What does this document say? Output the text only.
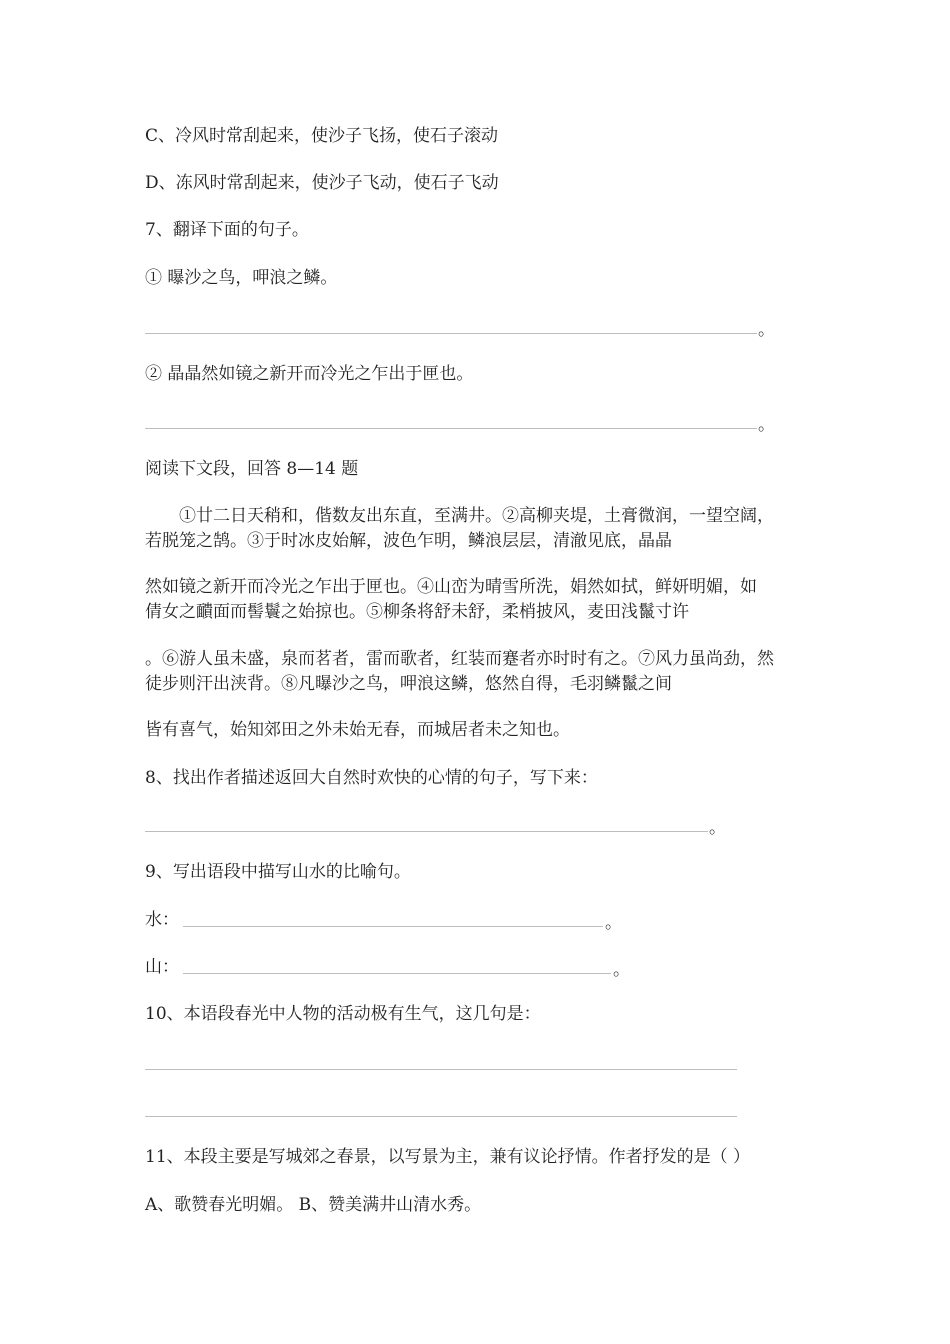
C、冷风时常刮起来，使沙子飞扬，使石子滚动
D、冻风时常刮起来，使沙子飞动，使石子飞动
7、翻译下面的句子。
① 曝沙之鸟，呷浪之鳞。
。
② 晶晶然如镜之新开而冷光之乍出于匣也。
。
阅读下文段，回答 8—14 题
①廿二日天稍和，偕数友出东直，至满井。②高柳夹堤，土膏微润，一望空阔，
若脱笼之鹄。③于时冰皮始解，波色乍明，鳞浪层层，清澈见底，晶晶
然如镜之新开而冷光之乍出于匣也。④山峦为晴雪所洗，娟然如拭，鲜妍明媚，如
倩女之靧面而髻鬟之始掠也。⑤柳条将舒未舒，柔梢披风，麦田浅鬣寸许
。⑥游人虽未盛，泉而茗者，雷而歌者，红装而蹇者亦时时有之。⑦风力虽尚劲，然
徒步则汗出浃背。⑧凡曝沙之鸟，呷浪这鳞，悠然自得，毛羽鳞鬣之间
皆有喜气，始知郊田之外未始无春，而城居者未之知也。
8、找出作者描述返回大自然时欢快的心情的句子，写下来：
。
9、写出语段中描写山水的比喻句。
水：	。
山：	。
10、本语段春光中人物的活动极有生气，这几句是：
11、本段主要是写城郊之春景，以写景为主，兼有议论抒情。作者抒发的是（ ）
A、歌赞春光明媚。 B、赞美满井山清水秀。
